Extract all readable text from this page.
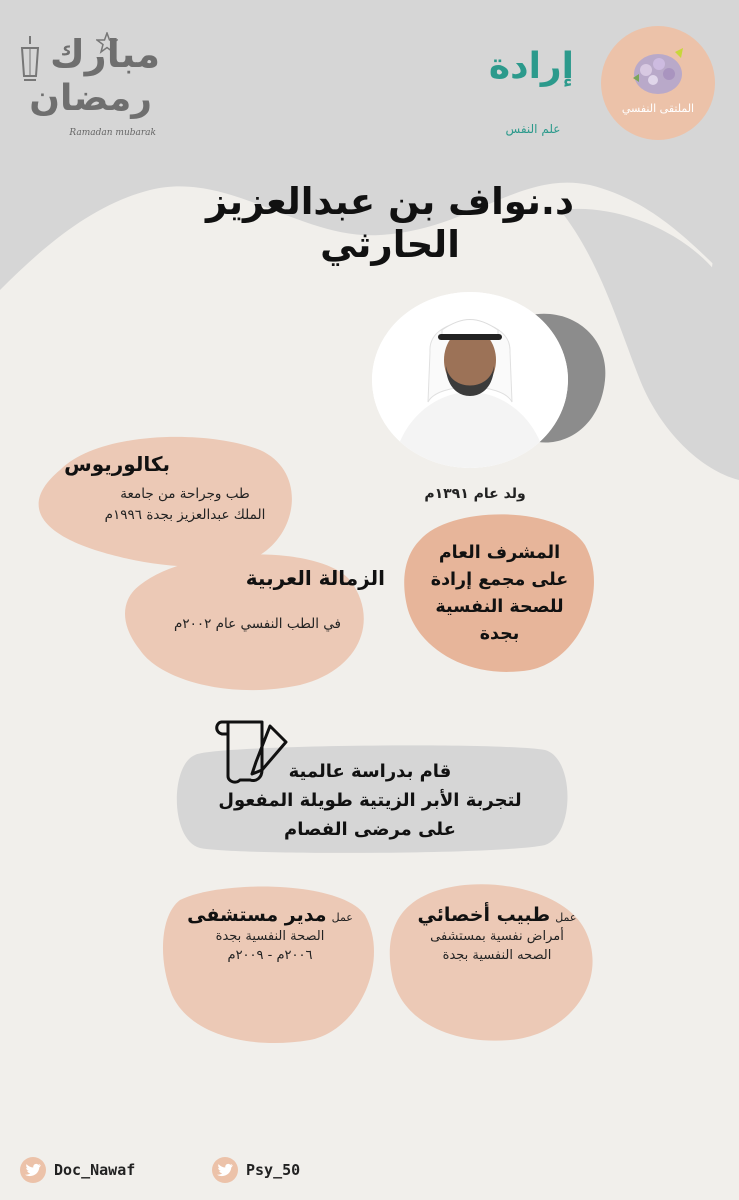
مبارك
رمضان
Ramadan mubarak
إرادة
علم النفس
الملتقى النفسي
د.نواف بن عبدالعزيز الحارثي
ولد عام ١٣٩١م
بكالوريوس
طب وجراحة من جامعة
الملك عبدالعزيز بجدة ١٩٩٦م
الزمالة العربية
في الطب النفسي عام ٢٠٠٢م
المشرف العام
على مجمع إرادة
للصحة النفسية
بجدة
قام بدراسة عالمية
لتجربة الأبر الزيتية طويلة المفعول
على مرضى الفصام
عمل مدير مستشفى
الصحة النفسية بجدة
٢٠٠٦م - ٢٠٠٩م
عمل طبيب أخصائي
أمراض نفسية بمستشفى
الصحه النفسية بجدة
Doc_Nawaf	Psy_50
